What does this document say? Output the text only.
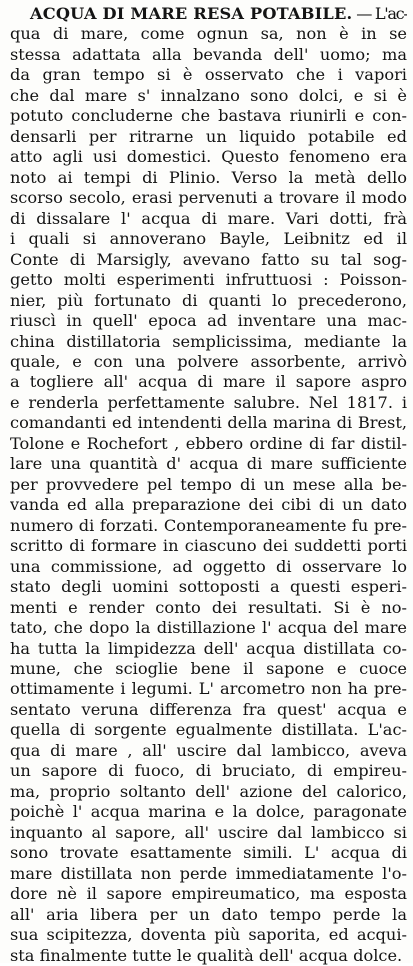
ACQUA DI MARE RESA POTABILE. — L'ac-
qua di mare, come ognun sa, non è in se
stessa adattata alla bevanda dell' uomo; ma
da gran tempo si è osservato che i vapori
che dal mare s' innalzano sono dolci, e si è
potuto concluderne che bastava riunirli e con-
densarli per ritrarne un liquido potabile ed
atto agli usi domestici. Questo fenomeno era
noto ai tempi di Plinio. Verso la metà dello
scorso secolo, erasi pervenuti a trovare il modo
di dissalare l' acqua di mare. Vari dotti, frà
i quali si annoverano Bayle, Leibnitz ed il
Conte di Marsigly, avevano fatto su tal sog-
getto molti esperimenti infruttuosi : Poisson-
nier, più fortunato di quanti lo precederono,
riuscì in quell' epoca ad inventare una mac-
china distillatoria semplicissima, mediante la
quale, e con una polvere assorbente, arrivò
a togliere all' acqua di mare il sapore aspro
e renderla perfettamente salubre. Nel 1817. i
comandanti ed intendenti della marina di Brest,
Tolone e Rochefort , ebbero ordine di far distil-
lare una quantità d' acqua di mare sufficiente
per provvedere pel tempo di un mese alla be-
vanda ed alla preparazione dei cibi di un dato
numero di forzati. Contemporaneamente fu pre-
scritto di formare in ciascuno dei suddetti porti
una commissione, ad oggetto di osservare lo
stato degli uomini sottoposti a questi esperi-
menti e render conto dei resultati. Si è no-
tato, che dopo la distillazione l' acqua del mare
ha tutta la limpidezza dell' acqua distillata co-
mune, che scioglie bene il sapone e cuoce
ottimamente i legumi. L' arcometro non ha pre-
sentato veruna differenza fra quest' acqua e
quella di sorgente egualmente distillata. L'ac-
qua di mare , all' uscire dal lambicco, aveva
un sapore di fuoco, di bruciato, di empireu-
ma, proprio soltanto dell' azione del calorico,
poichè l' acqua marina e la dolce, paragonate
inquanto al sapore, all' uscire dal lambicco si
sono trovate esattamente simili. L' acqua di
mare distillata non perde immediatamente l'o-
dore nè il sapore empireumatico, ma esposta
all' aria libera per un dato tempo perde la
sua scipitezza, doventa più saporita, ed acqui-
sta finalmente tutte le qualità dell' acqua dolce.
